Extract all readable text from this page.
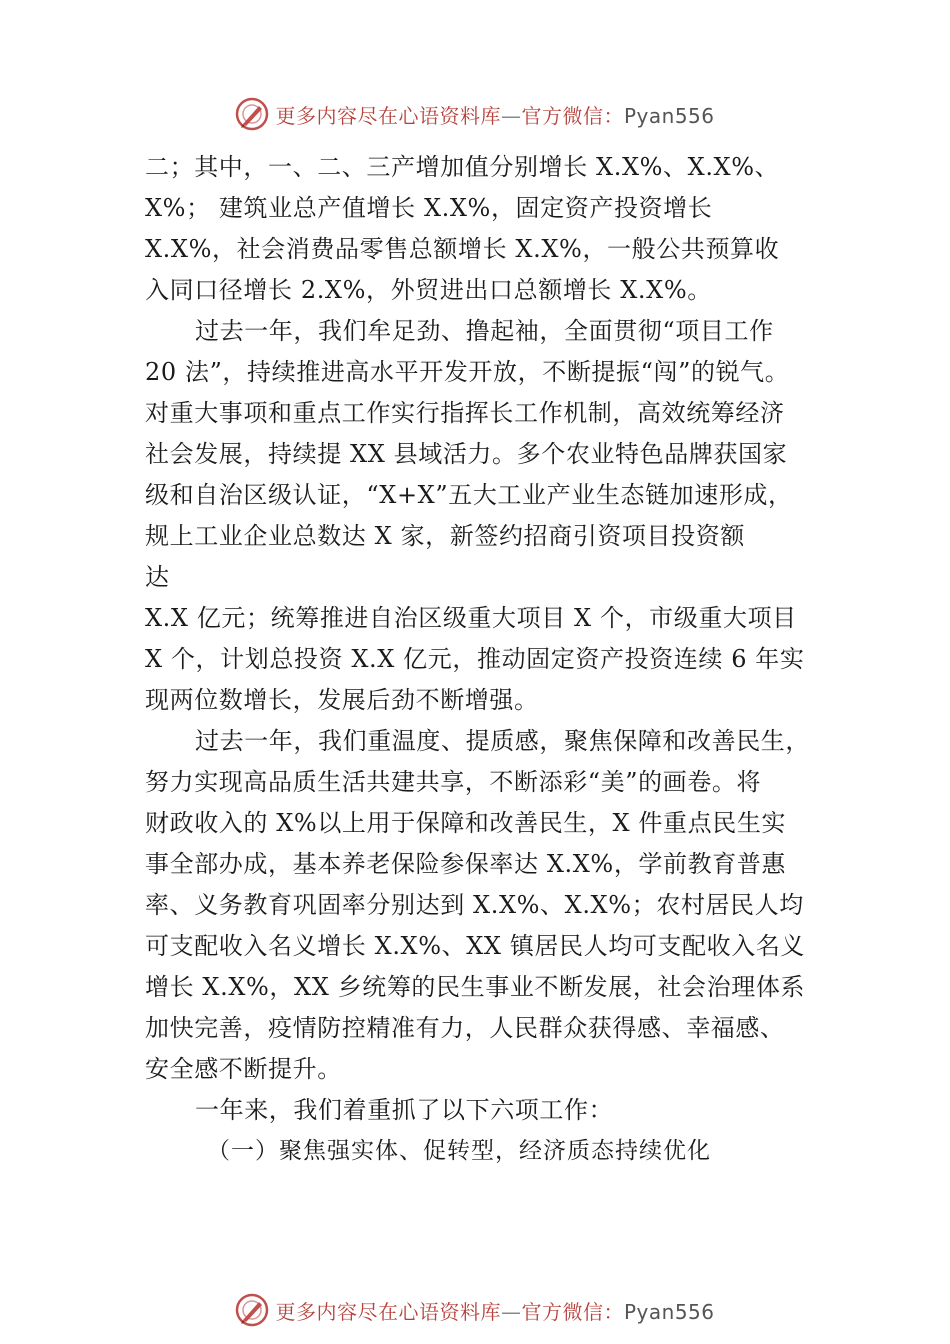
更多内容尽在心语资料库—官方微信：Pyan556
二；其中，一、二、三产增加值分别增长 X.X%、X.X%、
X%； 建筑业总产值增长 X.X%，固定资产投资增长
X.X%，社会消费品零售总额增长 X.X%，一般公共预算收
入同口径增长 2.X%，外贸进出口总额增长 X.X%。
过去一年，我们牟足劲、撸起袖，全面贯彻“项目工作
20 法”，持续推进高水平开发开放，不断提振“闯”的锐气。
对重大事项和重点工作实行指挥长工作机制，高效统筹经济
社会发展，持续提 XX 县域活力。多个农业特色品牌获国家
级和自治区级认证，“X+X”五大工业产业生态链加速形成，
规上工业企业总数达 X 家，新签约招商引资项目投资额
达
X.X 亿元；统筹推进自治区级重大项目 X 个，市级重大项目
X 个，计划总投资 X.X 亿元，推动固定资产投资连续 6 年实
现两位数增长，发展后劲不断增强。
过去一年，我们重温度、提质感，聚焦保障和改善民生，
努力实现高品质生活共建共享，不断添彩“美”的画卷。将
财政收入的 X%以上用于保障和改善民生，X 件重点民生实
事全部办成，基本养老保险参保率达 X.X%，学前教育普惠
率、义务教育巩固率分别达到 X.X%、X.X%；农村居民人均
可支配收入名义增长 X.X%、XX 镇居民人均可支配收入名义
增长 X.X%，XX 乡统筹的民生事业不断发展，社会治理体系
加快完善，疫情防控精准有力，人民群众获得感、幸福感、
安全感不断提升。
一年来，我们着重抓了以下六项工作：
（一）聚焦强实体、促转型，经济质态持续优化
更多内容尽在心语资料库—官方微信：Pyan556
